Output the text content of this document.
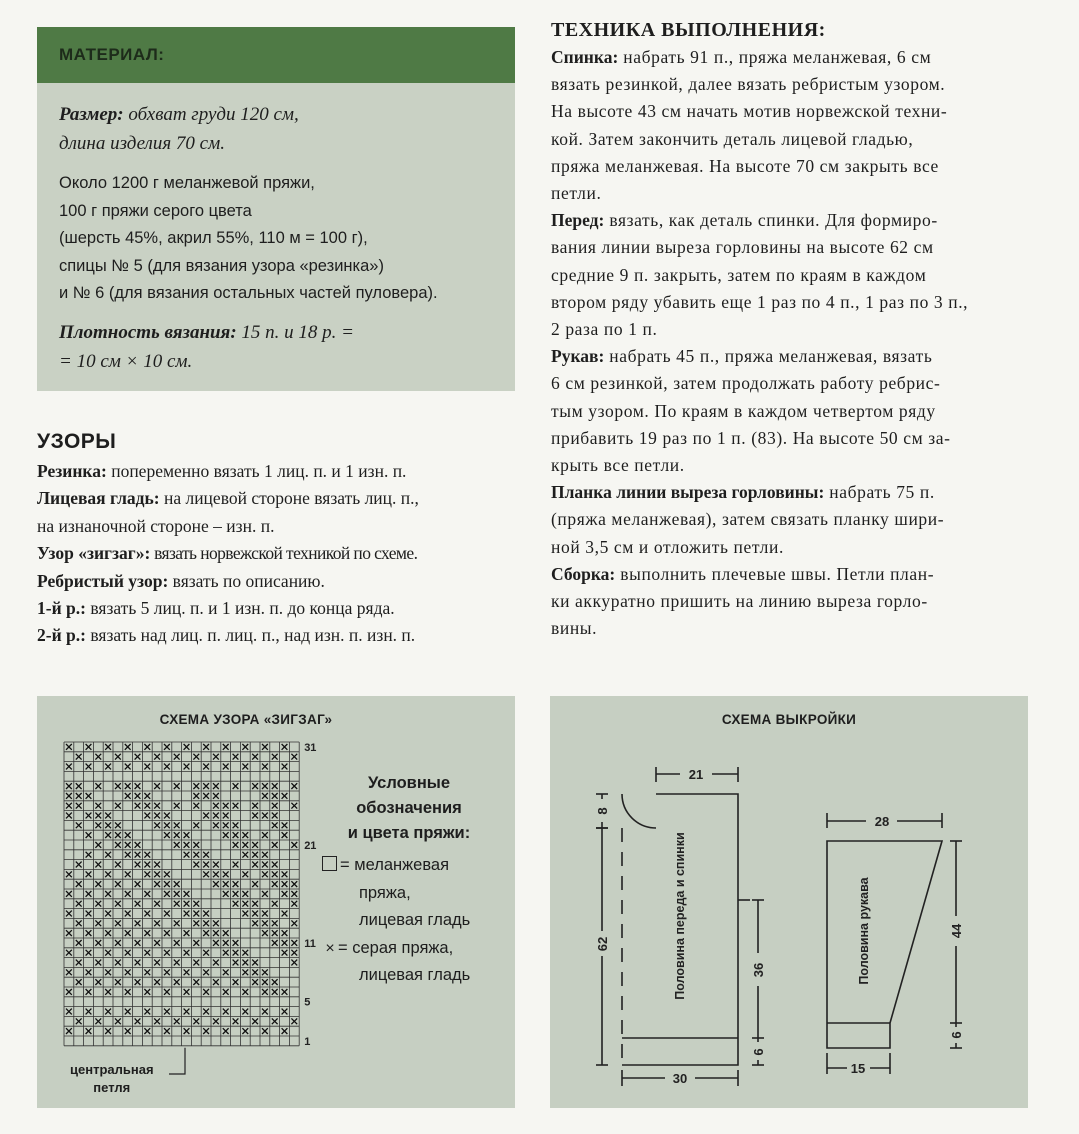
МАТЕРИАЛ:

Размер: обхват груди 120 см,

длина изделия 70 см.

Около 1200 г меланжевой пряжи,
100 г пряжи серого цвета
(шерсть 45%, акрил 55%, 110 м = 100 г),
спицы № 5 (для вязания узора «резинка»)
и № 6 (для вязания остальных частей пуловера).

Плотность вязания: 15 п. и 18 р. =

= 10 см × 10 см.

УЗОРЫ
Резинка: попеременно вязать 1 лиц. п. и 1 изн. п.
Лицевая гладь: на лицевой стороне вязать лиц. п.,
на изнаночной стороне – изн. п.
Узор «зигзаг»: вязать норвежской техникой по схеме.
Ребристый узор: вязать по описанию.
1-й р.: вязать 5 лиц. п. и 1 изн. п. до конца ряда.
2-й р.: вязать над лиц. п. лиц. п., над изн. п. изн. п.
ТЕХНИКА ВЫПОЛНЕНИЯ:
Спинка: набрать 91 п., пряжа меланжевая, 6 см
вязать резинкой, далее вязать ребристым узором.
На высоте 43 см начать мотив норвежской техни-
кой. Затем закончить деталь лицевой гладью,
пряжа меланжевая. На высоте 70 см закрыть все
петли.
Перед: вязать, как деталь спинки. Для формиро-
вания линии выреза горловины на высоте 62 см
средние 9 п. закрыть, затем по краям в каждом
втором ряду убавить еще 1 раз по 4 п., 1 раз по 3 п.,
2 раза по 1 п.
Рукав: набрать 45 п., пряжа меланжевая, вязать
6 см резинкой, затем продолжать работу ребрис-
тым узором. По краям в каждом четвертом ряду
прибавить 19 раз по 1 п. (83). На высоте 50 см за-
крыть все петли.
Планка линии выреза горловины: набрать 75 п.
(пряжа меланжевая), затем связать планку шири-
ной 3,5 см и отложить петли.
Сборка: выполнить плечевые швы. Петли план-
ки аккуратно пришить на линию выреза горло-
вины.
СХЕМА УЗОРА «ЗИГЗАГ»
31
21
11
5
1
Условные
обозначения
и цвета пряжи:
= меланжевая
пряжа,
лицевая гладь
× = серая пряжа,
лицевая гладь
центральная
петля
СХЕМА ВЫКРОЙКИ
21
8
62
36
6
30
28
44
6
15
Половина переда и спинки	Половина рукава
